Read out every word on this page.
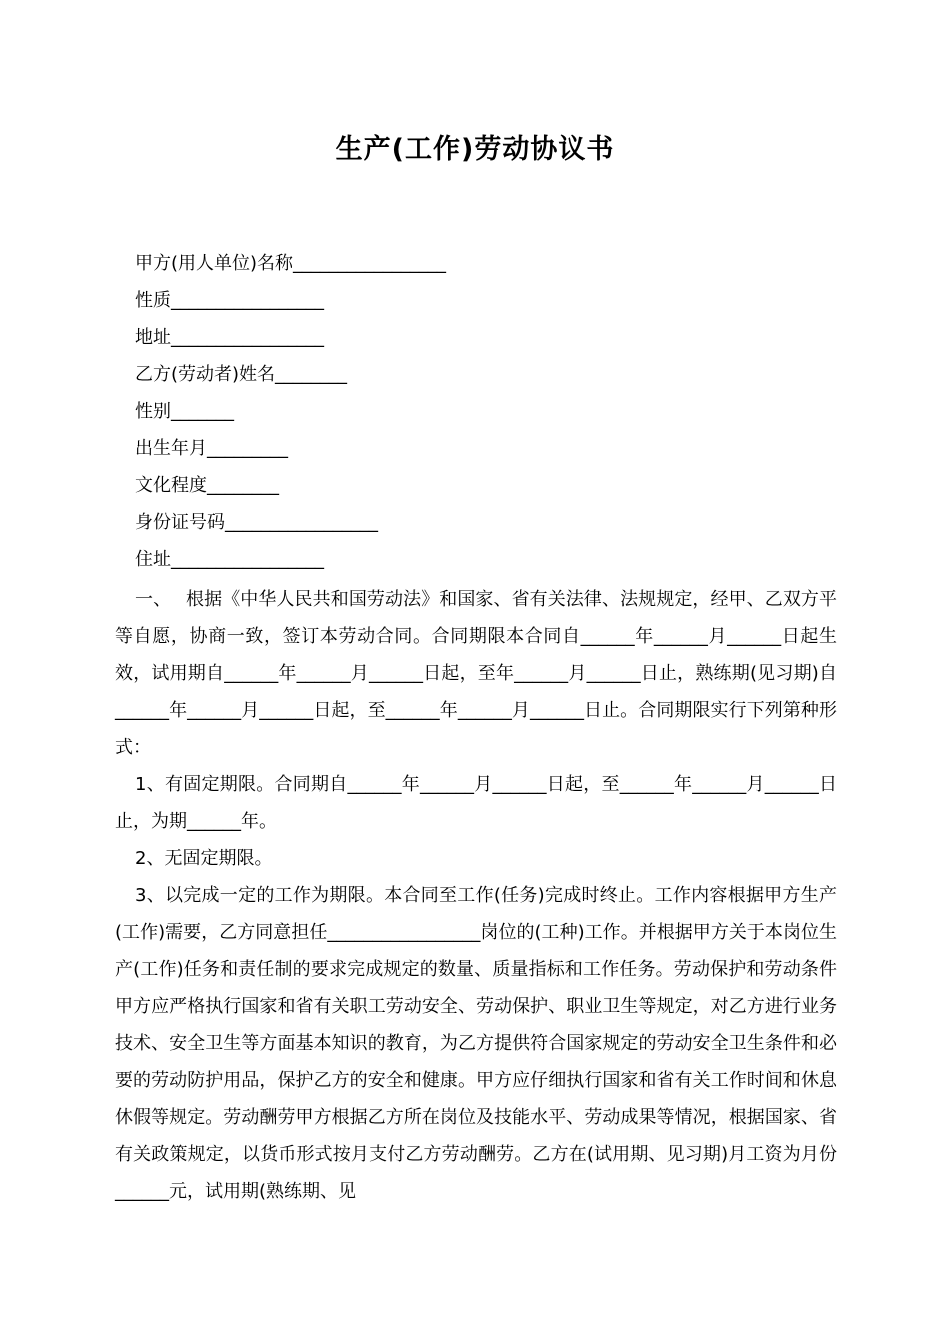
生产(工作)劳动协议书
甲方(用人单位)名称_________________
性质_________________
地址_________________
乙方(劳动者)姓名________
性别_______
出生年月_________
文化程度________
身份证号码_________________
住址_________________

一、　 根据《中华人民共和国劳动法》和国家、省有关法律、法规规定，经甲、乙双方平等自愿，协商一致，签订本劳动合同。合同期限本合同自______年______月______日起生效，试用期自______年______月______日起，至年______月______日止，熟练期(见习期)自______年______月______日起，至______年______月______日止。合同期限实行下列第种形式：

1、有固定期限。合同期自______年______月______日起，至______年______月______日止，为期______年。

2、无固定期限。

3、以完成一定的工作为期限。本合同至工作(任务)完成时终止。工作内容根据甲方生产(工作)需要，乙方同意担任_________________岗位的(工种)工作。并根据甲方关于本岗位生产(工作)任务和责任制的要求完成规定的数量、质量指标和工作任务。劳动保护和劳动条件甲方应严格执行国家和省有关职工劳动安全、劳动保护、职业卫生等规定，对乙方进行业务技术、安全卫生等方面基本知识的教育，为乙方提供符合国家规定的劳动安全卫生条件和必要的劳动防护用品，保护乙方的安全和健康。甲方应仔细执行国家和省有关工作时间和休息休假等规定。劳动酬劳甲方根据乙方所在岗位及技能水平、劳动成果等情况，根据国家、省有关政策规定，以货币形式按月支付乙方劳动酬劳。乙方在(试用期、见习期)月工资为月份______元，试用期(熟练期、见
